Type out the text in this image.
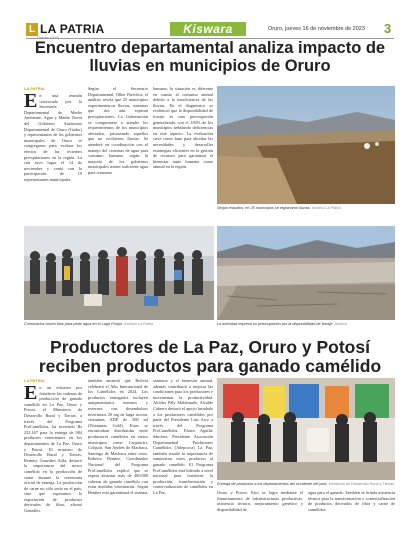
L LA PATRIA	Kiswara	Oruro, jueves 16 de noviembre de 2023 3
Encuentro departamental analiza impacto de lluvias en municipios de Oruro
LA PATRIA
E n una reunión convocada por la Secretaría Departamental de Medio Ambiente, Agua y Madre Tierra del Gobierno Autónomo Departamental de Oruro (Gador) y representantes de los gobiernos municipales de Oruro se congregaron para evaluar los efectos de las recientes precipitaciones en la región. La cita tuvo lugar el 14 de noviembre y contó con la participación de 19 representantes municipales.

Según el Secretario Departamental, Olber Parivilca, el análisis revela que 25 municipios experimentaron lluvias, mientras que dos aún esperan precipitaciones. La Gobernación se compromete a atender los requerimientos de los municipios afectados, priorizando aquellos que no recibieron lluvias. Se atenderá en coordinación con el manejo del cisternas de agua para consumo humano, según la mayoría de los gobiernos municipales tienen suficiente agua para consumo

humano, la situación es diferente en cuanto al consumo animal debido a la insuficiencia de las lluvias. En el diagnóstico se evidenció que la disponibilidad de forraje es una preocupación generalizada, con el 100% de los municipios señalando deficiencias en este aspecto. La evaluación sirve como base para abordar las necesidades y desarrollar estrategias eficientes en la gestión de recursos para garantizar el bienestar tanto humano como animal en la región.

Según estudios, en 25 municipios se registraron lluvias Archivo La Patria
Comunarios hacen filas para pedir agua en el Lago Poopó Archivo La Patria	La actividad expresó su preocupación por la disponibilidad de forraje Archivo
Productores de La Paz, Oruro y Potosí reciben productos para ganado camélido
LA PATRIA
E n un esfuerzo por fortalecer las cadenas de producción de ganado camélido en La Paz, Oruro y Potosí, el Ministerio de Desarrollo Rural y Tierras, a través del Programa ProCamélidos, ha invertido Bs 252.167 para la entrega de 984 productos veterinarios en los departamentos de La Paz, Oruro y Potosí. El ministro de Desarrollo Rural y Tierras, Remmy Gonzáles Atila, destacó la importancia del sector camélido en la producción de carne durante la ceremonia oficial de entrega. La producción de carne no sólo sería en el país, sino que esperamos la exportación de productos derivados de fibra, afirmó Gonzáles.

también anunció que Bolivia celebrará el Año Internacional de los Camélidos en 2024. Los productos entregados incluyen antiparasitarios internos y externos con desembolsos invertimos 20 mg de larga acción, vitaminas ADE de 500 ml (Vitaminas Gold). Estas se encontraban distribuidas entre productores camélidos en varios municipios como Caquiaviri, Colquiri, San Andrés de Machaca, Santiago de Machaca entre otros. Roberto Benítez, Coordinador Nacional del Programa ProCamélidos explicó que se espera alcanzar más de 400.000 cabezas de ganado camélido con estas medidas veterinarias. Según Benítez esto garantizará el sistema

sanitario y el bienestar animal, además contribuirá a mejorar las condiciones para los productores e incrementar la productividad. Alcides Pály Maldonado, Alcalde Cabrero destacó el apoyo brindado a los productores camélidos por parte del Presidente Luis Arce a través del Programa ProCamélidos. Efrain Aguilar Sánchez, Presidente Asociación Departamental Productores Camélidos (Adepcoca) La Paz, también resaltó la importancia de suministrar estos productos al ganado camélido. El Programa ProCamélidos está liderado a nivel nacional para fortalecer la producción, transformación y comercialización de camélidos en La Paz,

Entrega de productos a los departamentos del occidente del país Ministerio de Desarrollo Rural y Tierras

Oruro y Potosí. Esto se logra mediante el financiamiento de infraestructuras productivas, asistencia técnica, mejoramiento genético y disponibilidad de

agua para el ganado. También se brinda asistencia técnica para la transformación y comercialización de productos derivados de fibra y carne de camélidos.
